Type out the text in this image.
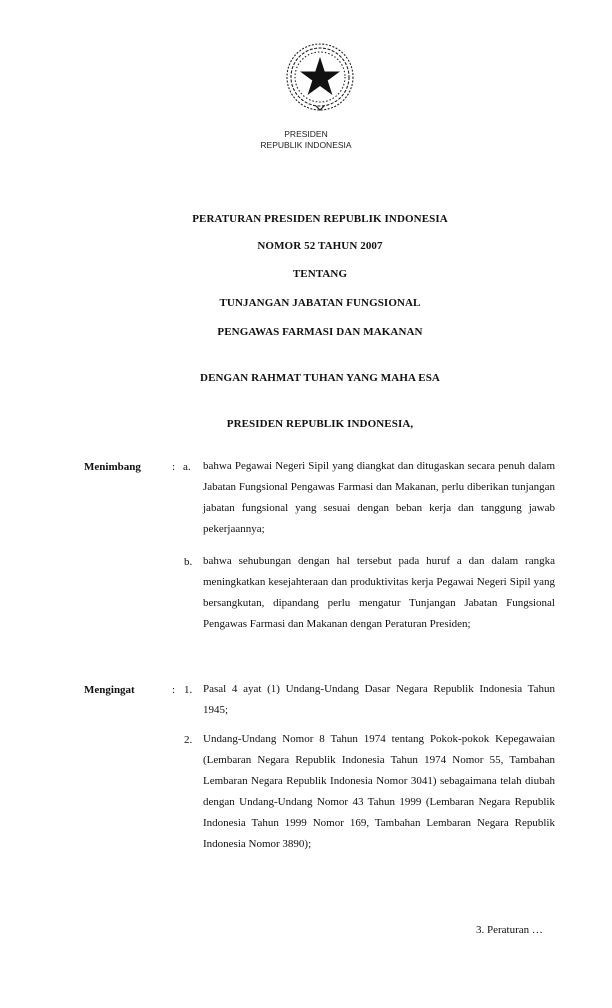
PRESIDEN
REPUBLIK INDONESIA
PERATURAN PRESIDEN REPUBLIK INDONESIA
NOMOR 52 TAHUN 2007
TENTANG
TUNJANGAN JABATAN FUNGSIONAL
PENGAWAS FARMASI DAN MAKANAN
DENGAN RAHMAT TUHAN YANG MAHA ESA
PRESIDEN REPUBLIK INDONESIA,
Menimbang	: a. bahwa Pegawai Negeri Sipil yang diangkat dan ditugaskan secara penuh dalam Jabatan Fungsional Pengawas Farmasi dan Makanan, perlu diberikan tunjangan jabatan fungsional yang sesuai dengan beban kerja dan tanggung jawab pekerjaannya;
b. bahwa sehubungan dengan hal tersebut pada huruf a dan dalam rangka meningkatkan kesejahteraan dan produktivitas kerja Pegawai Negeri Sipil yang bersangkutan, dipandang perlu mengatur Tunjangan Jabatan Fungsional Pengawas Farmasi dan Makanan dengan Peraturan Presiden;
Mengingat	: 1. Pasal 4 ayat (1) Undang-Undang Dasar Negara Republik Indonesia Tahun 1945;
2. Undang-Undang Nomor 8 Tahun 1974 tentang Pokok-pokok Kepegawaian (Lembaran Negara Republik Indonesia Tahun 1974 Nomor 55, Tambahan Lembaran Negara Republik Indonesia Nomor 3041) sebagaimana telah diubah dengan Undang-Undang Nomor 43 Tahun 1999 (Lembaran Negara Republik Indonesia Tahun 1999 Nomor 169, Tambahan Lembaran Negara Republik Indonesia Nomor 3890);
3. Peraturan …
